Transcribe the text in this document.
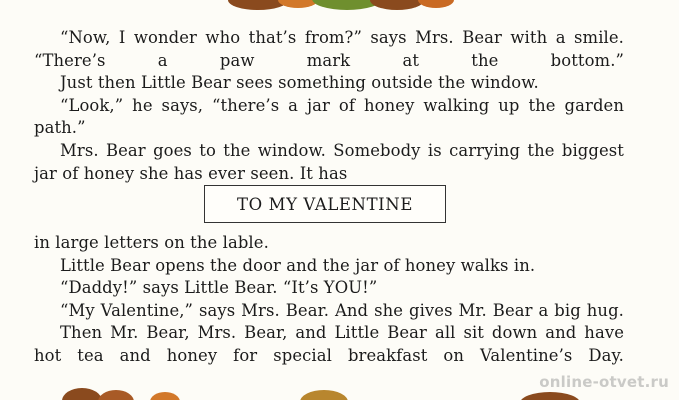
“Now, I wonder who that’s from?” says Mrs. Bear with a smile. “There’s a paw mark at the bottom.”

Just then Little Bear sees something outside the window.

“Look,” he says, “there’s a jar of honey walking up the garden path.”

Mrs. Bear goes to the window. Somebody is carrying the biggest jar of honey she has ever seen. It has

TO MY VALENTINE

in large letters on the lable.

Little Bear opens the door and the jar of honey walks in.

“Daddy!” says Little Bear. “It’s YOU!”

“My Valentine,” says Mrs. Bear. And she gives Mr. Bear a big hug.

Then Mr. Bear, Mrs. Bear, and Little Bear all sit down and have hot tea and honey for special breakfast on Valentine’s Day.

online-otvet.ru
